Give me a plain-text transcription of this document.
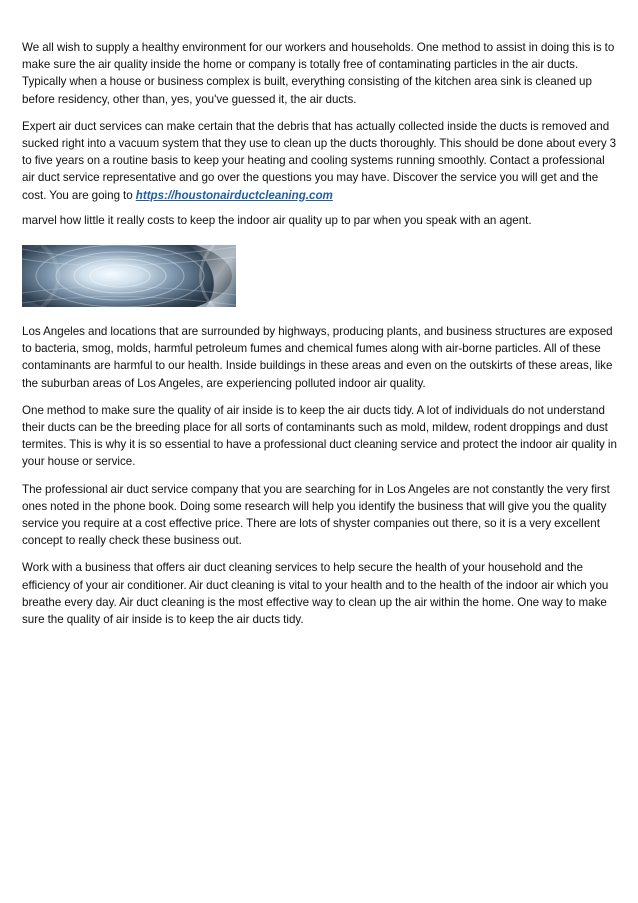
We all wish to supply a healthy environment for our workers and households. One method to assist in doing this is to make sure the air quality inside the home or company is totally free of contaminating particles in the air ducts. Typically when a house or business complex is built, everything consisting of the kitchen area sink is cleaned up before residency, other than, yes, you've guessed it, the air ducts.

Expert air duct services can make certain that the debris that has actually collected inside the ducts is removed and sucked right into a vacuum system that they use to clean up the ducts thoroughly. This should be done about every 3 to five years on a routine basis to keep your heating and cooling systems running smoothly. Contact a professional air duct service representative and go over the questions you may have. Discover the service you will get and the cost. You are going to https://houstonairductcleaning.com

marvel how little it really costs to keep the indoor air quality up to par when you speak with an agent.

Los Angeles and locations that are surrounded by highways, producing plants, and business structures are exposed to bacteria, smog, molds, harmful petroleum fumes and chemical fumes along with air-borne particles. All of these contaminants are harmful to our health. Inside buildings in these areas and even on the outskirts of these areas, like the suburban areas of Los Angeles, are experiencing polluted indoor air quality.

One method to make sure the quality of air inside is to keep the air ducts tidy. A lot of individuals do not understand their ducts can be the breeding place for all sorts of contaminants such as mold, mildew, rodent droppings and dust termites. This is why it is so essential to have a professional duct cleaning service and protect the indoor air quality in your house or service.

The professional air duct service company that you are searching for in Los Angeles are not constantly the very first ones noted in the phone book. Doing some research will help you identify the business that will give you the quality service you require at a cost effective price. There are lots of shyster companies out there, so it is a very excellent concept to really check these business out.

Work with a business that offers air duct cleaning services to help secure the health of your household and the efficiency of your air conditioner. Air duct cleaning is vital to your health and to the health of the indoor air which you breathe every day. Air duct cleaning is the most effective way to clean up the air within the home. One way to make sure the quality of air inside is to keep the air ducts tidy.
